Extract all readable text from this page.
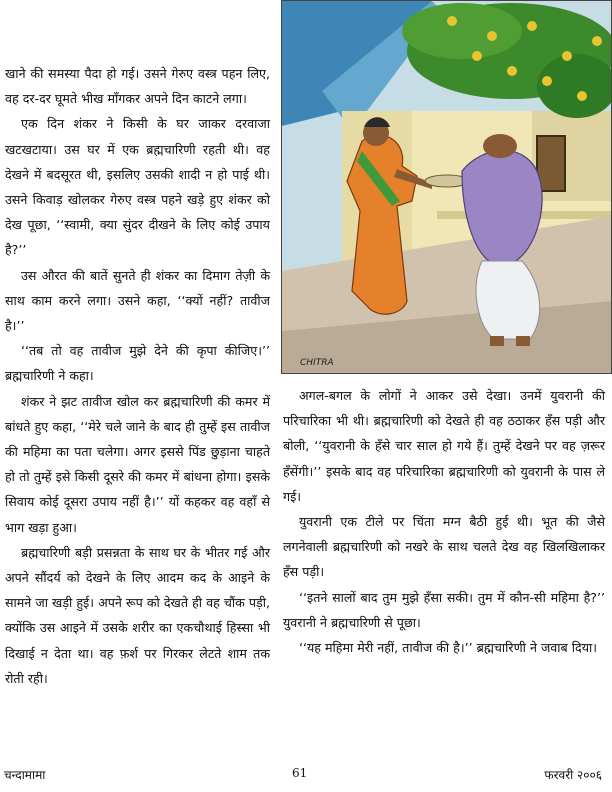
CHITRA

खाने की समस्या पैदा हो गई। उसने गेरुए वस्त्र पहन लिए, वह दर-दर घूमते भीख माँगकर अपने दिन काटने लगा।

एक दिन शंकर ने किसी के घर जाकर दरवाजा खटखटाया। उस घर में एक ब्रह्मचारिणी रहती थी। वह देखने में बदसूरत थी, इसलिए उसकी शादी न हो पाई थी। उसने किवाड़ खोलकर गेरुए वस्त्र पहने खड़े हुए शंकर को देख पूछा, ‘‘स्वामी, क्या सुंदर दीखने के लिए कोई उपाय है?’’

उस औरत की बातें सुनते ही शंकर का दिमाग तेज़ी के साथ काम करने लगा। उसने कहा, ‘‘क्यों नहीं? तावीज है।’’

‘‘तब तो वह तावीज मुझे देने की कृपा कीजिए।’’ ब्रह्मचारिणी ने कहा।

शंकर ने झट तावीज खोल कर ब्रह्मचारिणी की कमर में बांधते हुए कहा, ‘‘मेरे चले जाने के बाद ही तुम्हें इस तावीज की महिमा का पता चलेगा। अगर इससे पिंड छुड़ाना चाहते हो तो तुम्हें इसे किसी दूसरे की कमर में बांधना होगा। इसके सिवाय कोई दूसरा उपाय नहीं है।’’ यों कहकर वह वहाँ से भाग खड़ा हुआ।

ब्रह्मचारिणी बड़ी प्रसन्नता के साथ घर के भीतर गई और अपने सौंदर्य को देखने के लिए आदम कद के आइने के सामने जा खड़ी हुई। अपने रूप को देखते ही वह चौंक पड़ी, क्योंकि उस आइने में उसके शरीर का एकचौथाई हिस्सा भी दिखाई न देता था। वह फ़र्श पर गिरकर लेटते शाम तक रोती रही।

अगल-बगल के लोगों ने आकर उसे देखा। उनमें युवरानी की परिचारिका भी थी। ब्रह्मचारिणी को देखते ही वह ठठाकर हँस पड़ी और बोली, ‘‘युवरानी के हँसे चार साल हो गये हैं। तुम्हें देखने पर वह ज़रूर हँसेंगी।’’ इसके बाद वह परिचारिका ब्रह्मचारिणी को युवरानी के पास ले गई।

युवरानी एक टीले पर चिंता मग्न बैठी हुई थी। भूत की जैसे लगनेवाली ब्रह्मचारिणी को नखरे के साथ चलते देख वह खिलखिलाकर हँस पड़ी।

‘‘इतने सालों बाद तुम मुझे हँसा सकी। तुम में कौन-सी महिमा है?’’ युवरानी ने ब्रह्मचारिणी से पूछा।

‘‘यह महिमा मेरी नहीं, तावीज की है।’’ ब्रह्मचारिणी ने जवाब दिया।

चन्दामामा	61	फरवरी २००६
